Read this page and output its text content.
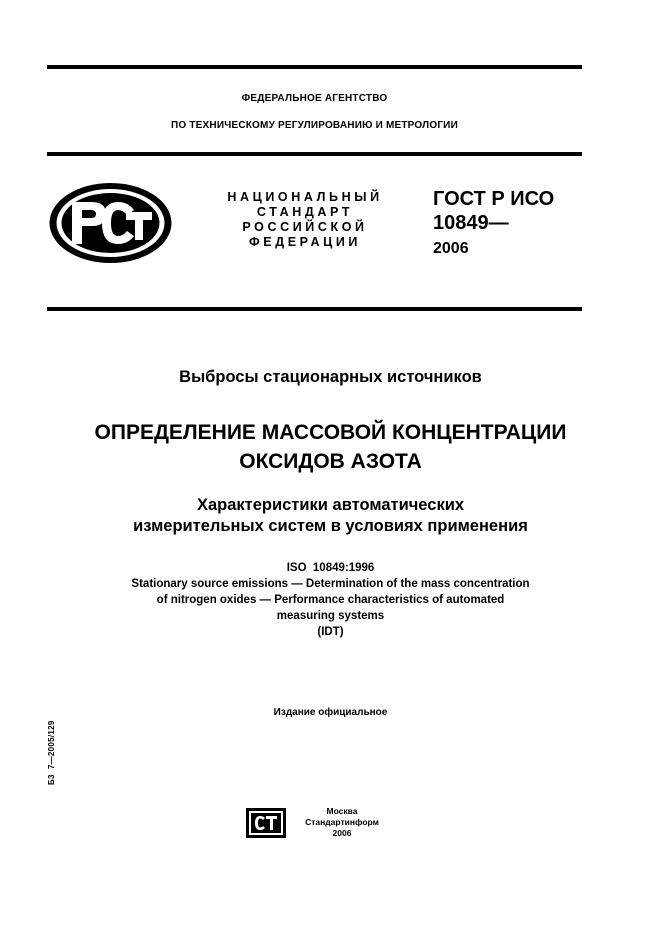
ФЕДЕРАЛЬНОЕ АГЕНТСТВО
ПО ТЕХНИЧЕСКОМУ РЕГУЛИРОВАНИЮ И МЕТРОЛОГИИ
НАЦИОНАЛЬНЫЙ
СТАНДАРТ
РОССИЙСКОЙ
ФЕДЕРАЦИИ
ГОСТ Р ИСО
10849—
2006
Выбросы стационарных источников
ОПРЕДЕЛЕНИЕ МАССОВОЙ КОНЦЕНТРАЦИИ
ОКСИДОВ АЗОТА
Характеристики автоматических
измерительных систем в условиях применения
ISO  10849:1996
Stationary source emissions — Determination of the mass concentration
of nitrogen oxides — Performance characteristics of automated
measuring systems
(IDT)
Издание официальное
Б3  7—2005/129
Москва
Стандартинформ
2006
